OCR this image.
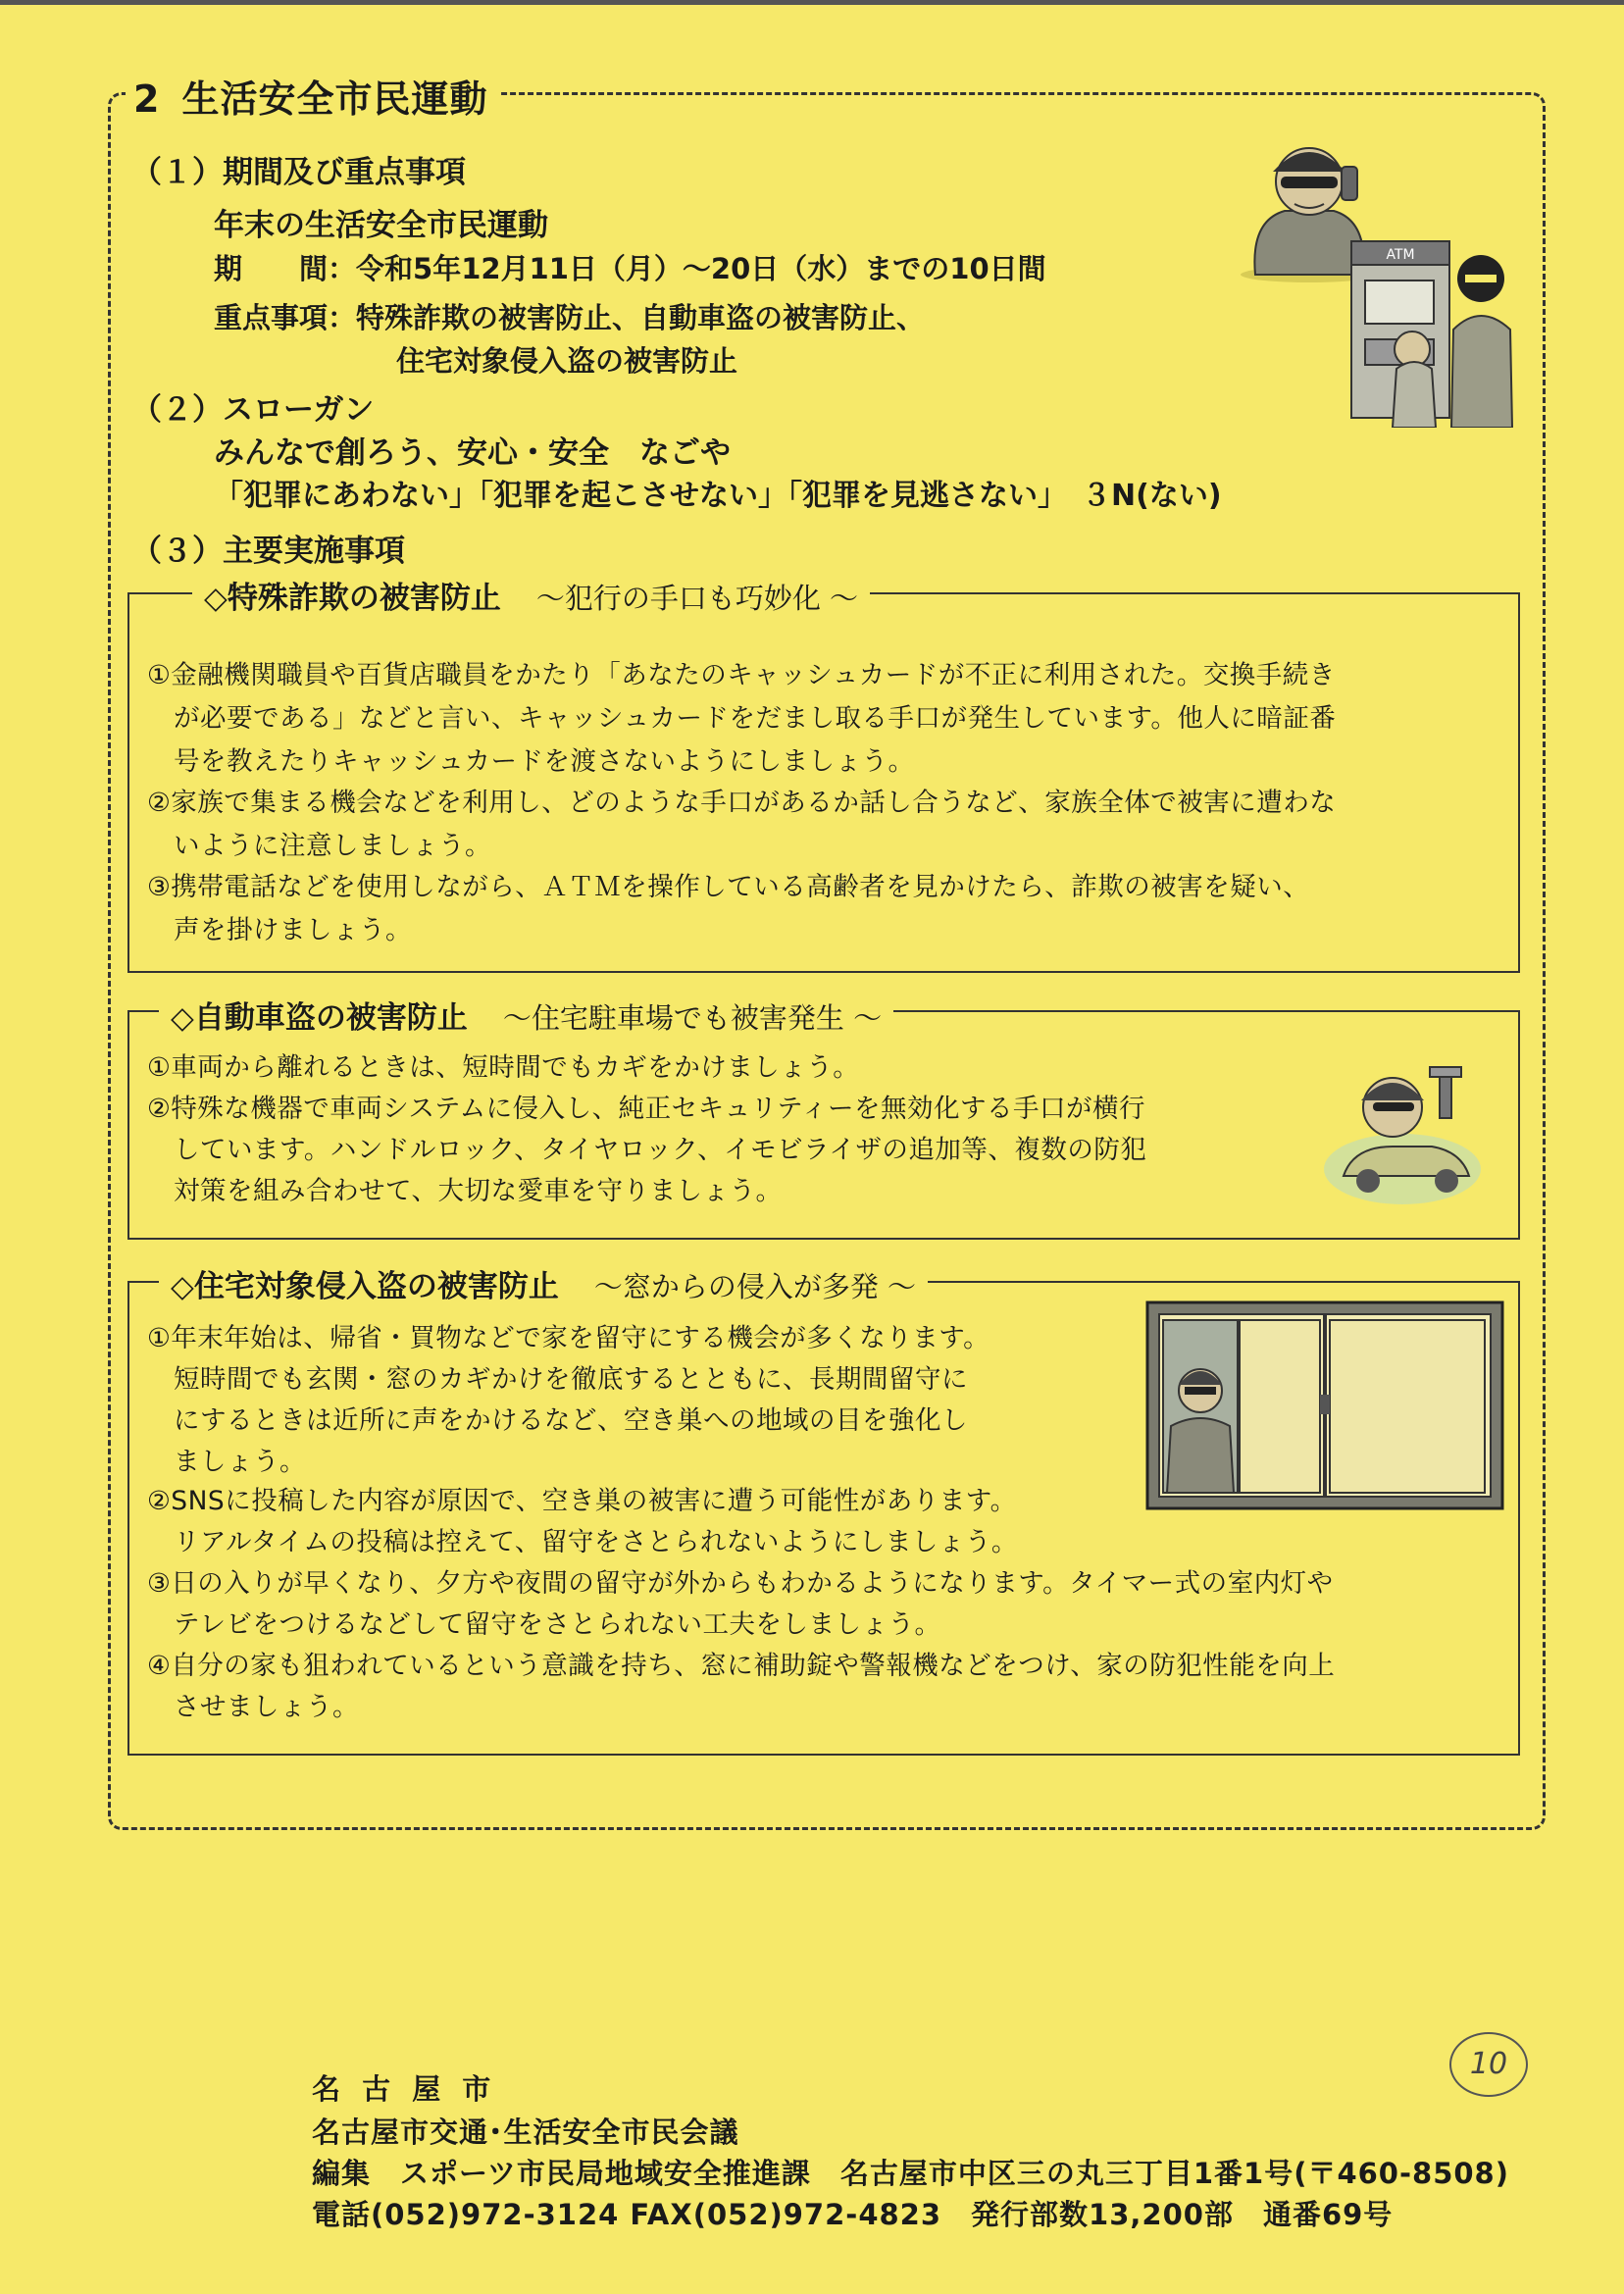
2 生活安全市民運動
（１）期間及び重点事項
年末の生活安全市民運動
期　　間：令和5年12月11日（月）～20日（水）までの10日間
重点事項：特殊詐欺の被害防止、自動車盗の被害防止、
住宅対象侵入盗の被害防止
（２）スローガン
みんなで創ろう、安心・安全　なごや
「犯罪にあわない」「犯罪を起こさせない」「犯罪を見逃さない」　３N(ない)
（３）主要実施事項
◇特殊詐欺の被害防止 ～犯行の手口も巧妙化 ～
①金融機関職員や百貨店職員をかたり「あなたのキャッシュカードが不正に利用された。交換手続き
　が必要である」などと言い、キャッシュカードをだまし取る手口が発生しています。他人に暗証番
　号を教えたりキャッシュカードを渡さないようにしましょう。
②家族で集まる機会などを利用し、どのような手口があるか話し合うなど、家族全体で被害に遭わな
　いように注意しましょう。
③携帯電話などを使用しながら、ＡＴＭを操作している高齢者を見かけたら、詐欺の被害を疑い、
　声を掛けましょう。
◇自動車盗の被害防止 ～住宅駐車場でも被害発生 ～
①車両から離れるときは、短時間でもカギをかけましょう。
②特殊な機器で車両システムに侵入し、純正セキュリティーを無効化する手口が横行
　しています。ハンドルロック、タイヤロック、イモビライザの追加等、複数の防犯
　対策を組み合わせて、大切な愛車を守りましょう。
◇住宅対象侵入盗の被害防止 ～窓からの侵入が多発 ～
①年末年始は、帰省・買物などで家を留守にする機会が多くなります。
　短時間でも玄関・窓のカギかけを徹底するとともに、長期間留守に
　にするときは近所に声をかけるなど、空き巣への地域の目を強化し
　ましょう。
②SNSに投稿した内容が原因で、空き巣の被害に遭う可能性があります。
　リアルタイムの投稿は控えて、留守をさとられないようにしましょう。
③日の入りが早くなり、夕方や夜間の留守が外からもわかるようになります。タイマー式の室内灯や
　テレビをつけるなどして留守をさとられない工夫をしましょう。
④自分の家も狙われているという意識を持ち、窓に補助錠や警報機などをつけ、家の防犯性能を向上
　させましょう。
ATM
名 古 屋 市
名古屋市交通･生活安全市民会議
編集　スポーツ市民局地域安全推進課　名古屋市中区三の丸三丁目1番1号(〒460-8508)
電話(052)972-3124 FAX(052)972-4823　発行部数13,200部　通番69号
10
